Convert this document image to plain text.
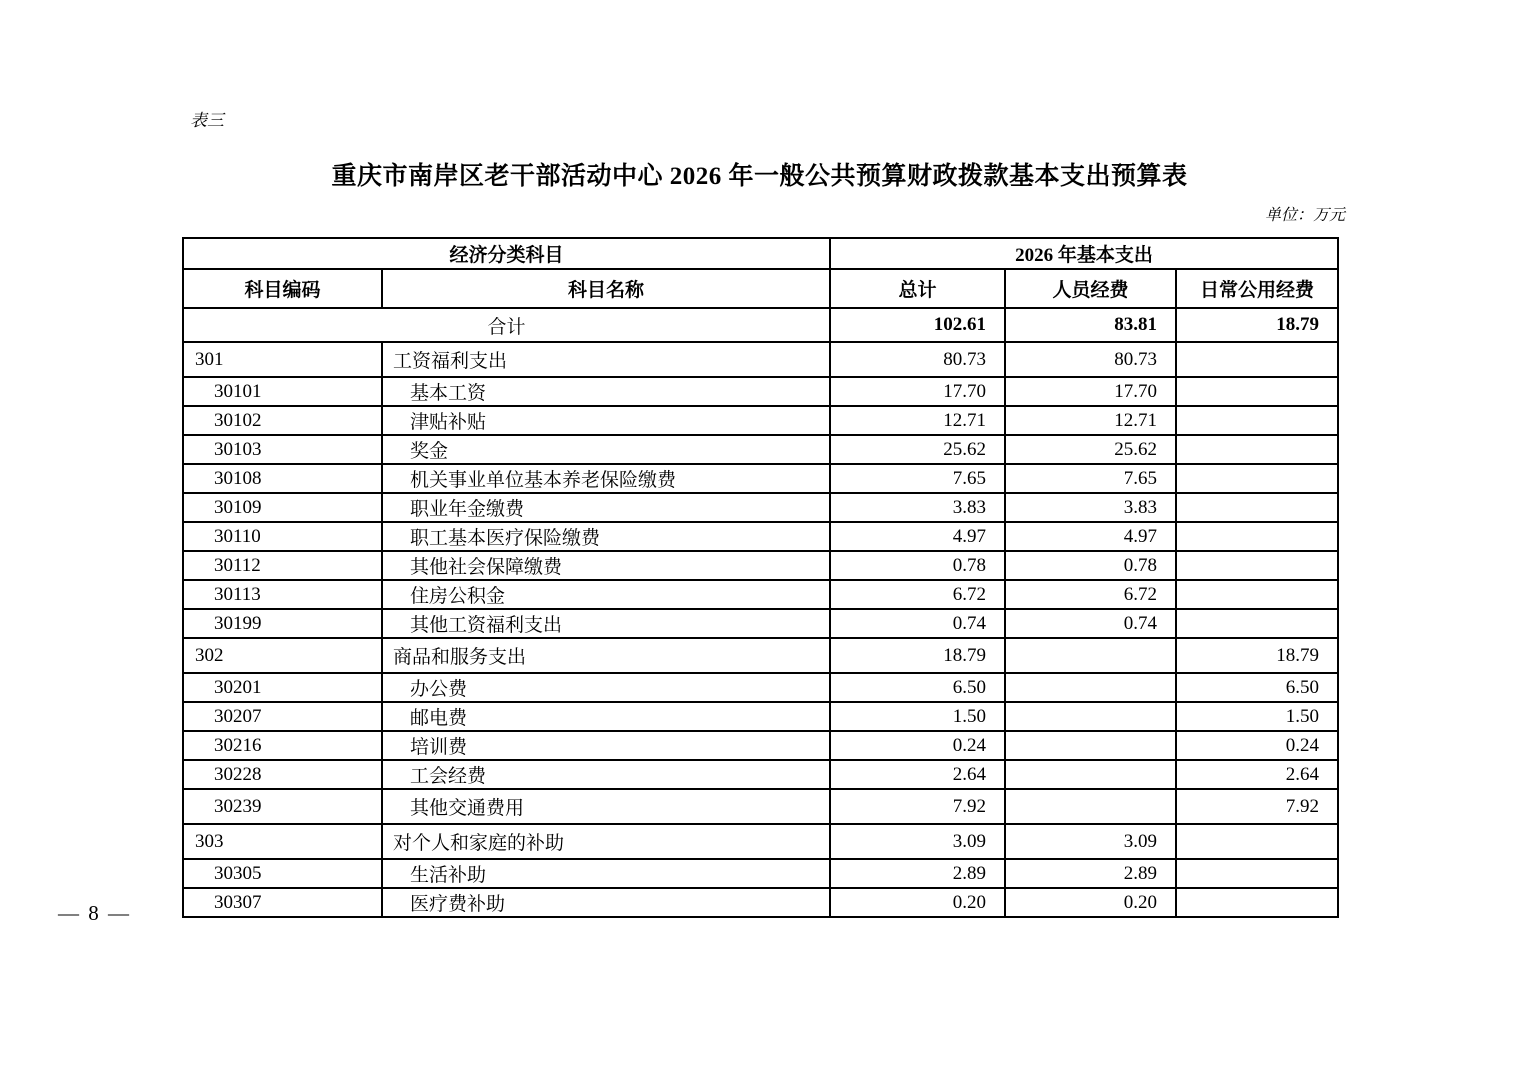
表三
重庆市南岸区老干部活动中心 2026 年一般公共预算财政拨款基本支出预算表
单位：万元
经济分类科目		2026 年基本支出		
科目编码	科目名称	总计	人员经费	日常公用经费
合计		102.61	83.81	18.79
301	工资福利支出	80.73	80.73	
30101	基本工资	17.70	17.70	
30102	津贴补贴	12.71	12.71	
30103	奖金	25.62	25.62	
30108	机关事业单位基本养老保险缴费	7.65	7.65	
30109	职业年金缴费	3.83	3.83	
30110	职工基本医疗保险缴费	4.97	4.97	
30112	其他社会保障缴费	0.78	0.78	
30113	住房公积金	6.72	6.72	
30199	其他工资福利支出	0.74	0.74	
302	商品和服务支出	18.79		18.79
30201	办公费	6.50		6.50
30207	邮电费	1.50		1.50
30216	培训费	0.24		0.24
30228	工会经费	2.64		2.64
30239	其他交通费用	7.92		7.92
303	对个人和家庭的补助	3.09	3.09	
30305	生活补助	2.89	2.89	
30307	医疗费补助	0.20	0.20	
— 8 —
